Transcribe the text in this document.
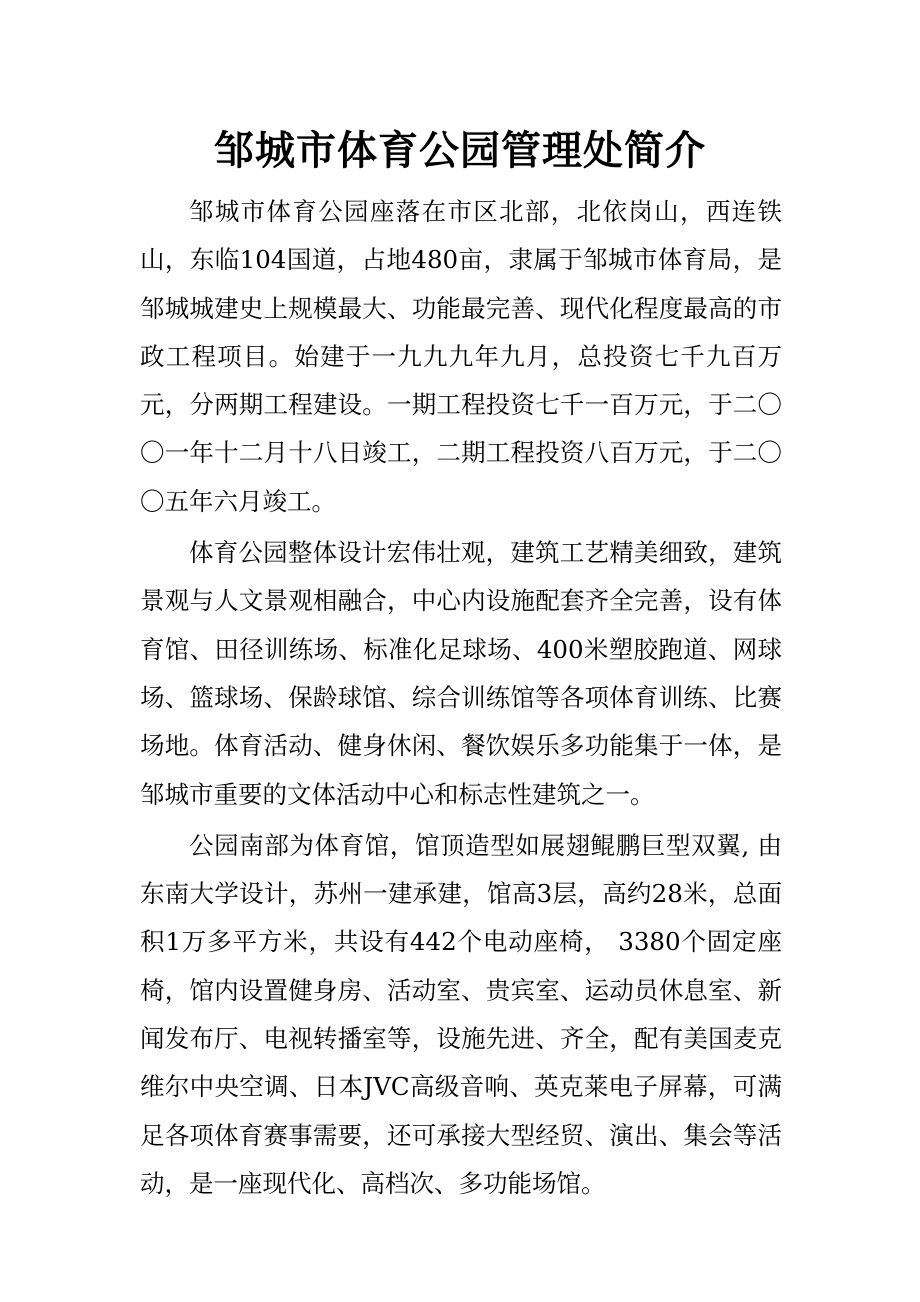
邹城市体育公园管理处简介

邹城市体育公园座落在市区北部，北依岗山，西连铁山，东临104国道，占地480亩，隶属于邹城市体育局，是邹城城建史上规模最大、功能最完善、现代化程度最高的市政工程项目。始建于一九九九年九月，总投资七千九百万元，分两期工程建设。一期工程投资七千一百万元，于二〇〇一年十二月十八日竣工，二期工程投资八百万元，于二〇〇五年六月竣工。

体育公园整体设计宏伟壮观，建筑工艺精美细致，建筑景观与人文景观相融合，中心内设施配套齐全完善，设有体育馆、田径训练场、标准化足球场、400米塑胶跑道、网球场、篮球场、保龄球馆、综合训练馆等各项体育训练、比赛场地。体育活动、健身休闲、餐饮娱乐多功能集于一体，是邹城市重要的文体活动中心和标志性建筑之一。

公园南部为体育馆，馆顶造型如展翅鲲鹏巨型双翼, 由东南大学设计，苏州一建承建，馆高3层，高约28米，总面积1万多平方米，共设有442个电动座椅， 3380个固定座椅，馆内设置健身房、活动室、贵宾室、运动员休息室、新闻发布厅、电视转播室等，设施先进、齐全，配有美国麦克维尔中央空调、日本JVC高级音响、英克莱电子屏幕，可满足各项体育赛事需要，还可承接大型经贸、演出、集会等活动，是一座现代化、高档次、多功能场馆。
